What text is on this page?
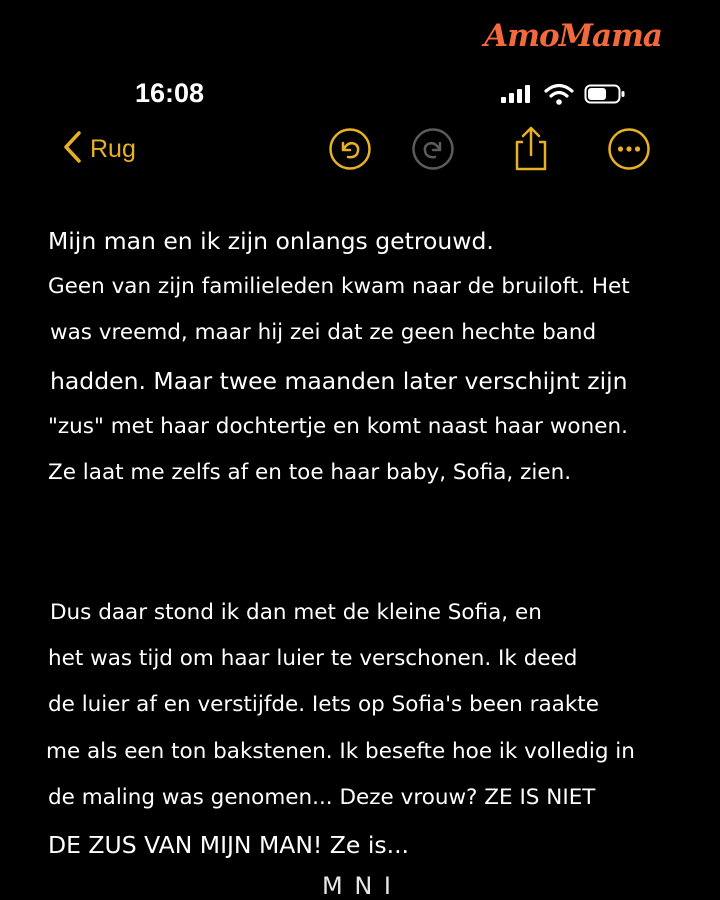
AmoMama
16:08
Rug
Mijn man en ik zijn onlangs getrouwd.
Geen van zijn familieleden kwam naar de bruiloft. Het
was vreemd, maar hij zei dat ze geen hechte band
hadden. Maar twee maanden later verschijnt zijn
"zus" met haar dochtertje en komt naast haar wonen.
Ze laat me zelfs af en toe haar baby, Sofia, zien.
Dus daar stond ik dan met de kleine Sofia, en
het was tijd om haar luier te verschonen. Ik deed
de luier af en verstijfde. Iets op Sofia's been raakte
me als een ton bakstenen. Ik besefte hoe ik volledig in
de maling was genomen... Deze vrouw? ZE IS NIET
DE ZUS VAN MIJN MAN! Ze is...
M N I
